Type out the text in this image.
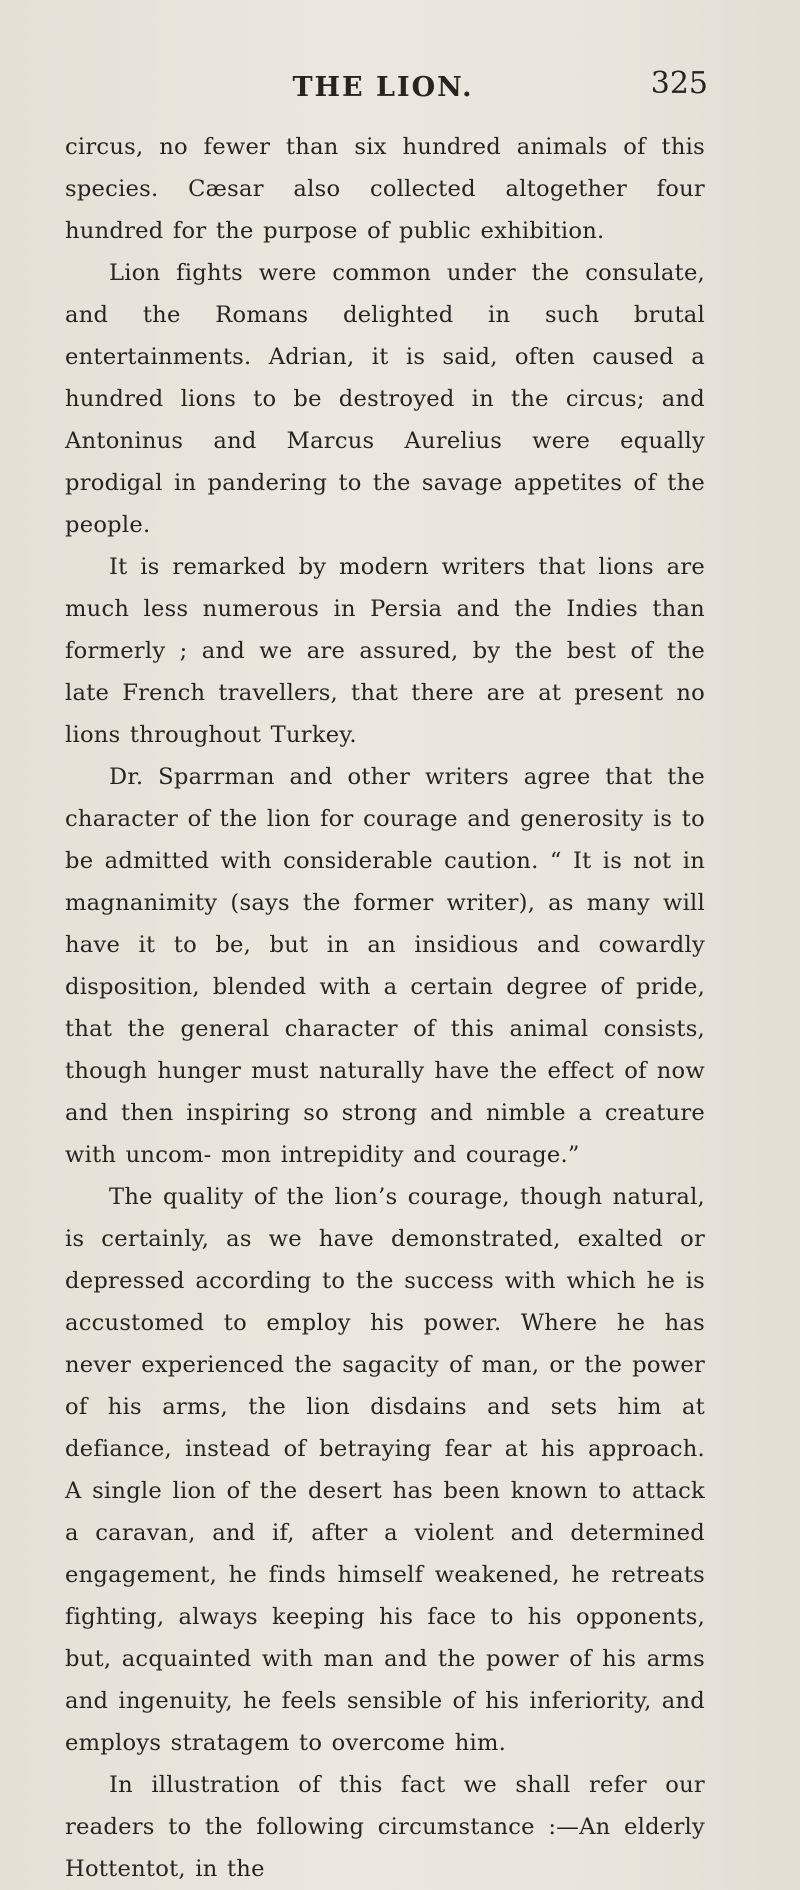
THE LION.	325

circus, no fewer than six hundred animals of this species. Cæsar also collected altogether four hundred for the purpose of public exhibition.

Lion fights were common under the consulate, and the Romans delighted in such brutal entertainments. Adrian, it is said, often caused a hundred lions to be destroyed in the circus; and Antoninus and Marcus Aurelius were equally prodigal in pandering to the savage appetites of the people.

It is remarked by modern writers that lions are much less numerous in Persia and the Indies than formerly ; and we are assured, by the best of the late French travellers, that there are at present no lions throughout Turkey.

Dr. Sparrman and other writers agree that the character of the lion for courage and generosity is to be admitted with considerable caution. “ It is not in magnanimity (says the former writer), as many will have it to be, but in an insidious and cowardly disposition, blended with a certain degree of pride, that the general character of this animal consists, though hunger must naturally have the effect of now and then inspiring so strong and nimble a creature with uncom- mon intrepidity and courage.”

The quality of the lion’s courage, though natural, is certainly, as we have demonstrated, exalted or depressed according to the success with which he is accustomed to employ his power. Where he has never experienced the sagacity of man, or the power of his arms, the lion disdains and sets him at defiance, instead of betraying fear at his approach. A single lion of the desert has been known to attack a caravan, and if, after a violent and determined engagement, he finds himself weakened, he retreats fighting, always keeping his face to his opponents, but, acquainted with man and the power of his arms and ingenuity, he feels sensible of his inferiority, and employs stratagem to overcome him.

In illustration of this fact we shall refer our readers to the following circumstance :—An elderly Hottentot, in the
